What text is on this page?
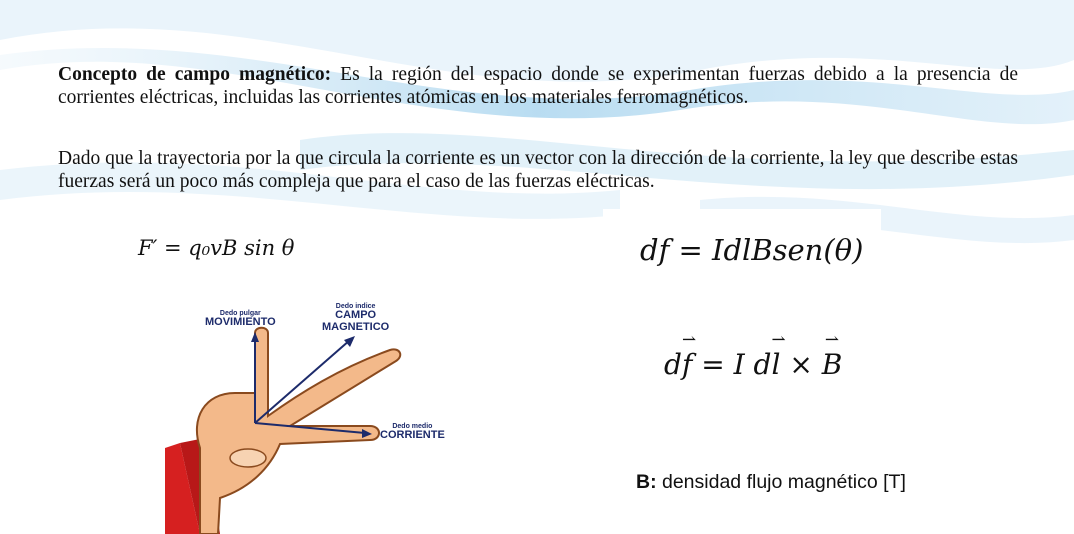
Concepto de campo magnético: Es la región del espacio donde se experimentan fuerzas debido a la presencia de corrientes eléctricas, incluidas las corrientes atómicas en los materiales ferromagnéticos.

Dado que la trayectoria por la que circula la corriente es un vector con la dirección de la corriente, la ley que describe estas fuerzas será un poco más compleja que para el caso de las fuerzas eléctricas.

F′ = q₀vB sin θ	df = IdlBsen(θ)
d⇀ f = I d⇀ l × ⇀ B
Dedo pulgar
MOVIMIENTO
Dedo indice
CAMPO
MAGNETICO
Dedo medio
CORRIENTE
B: densidad flujo magnético [T]
